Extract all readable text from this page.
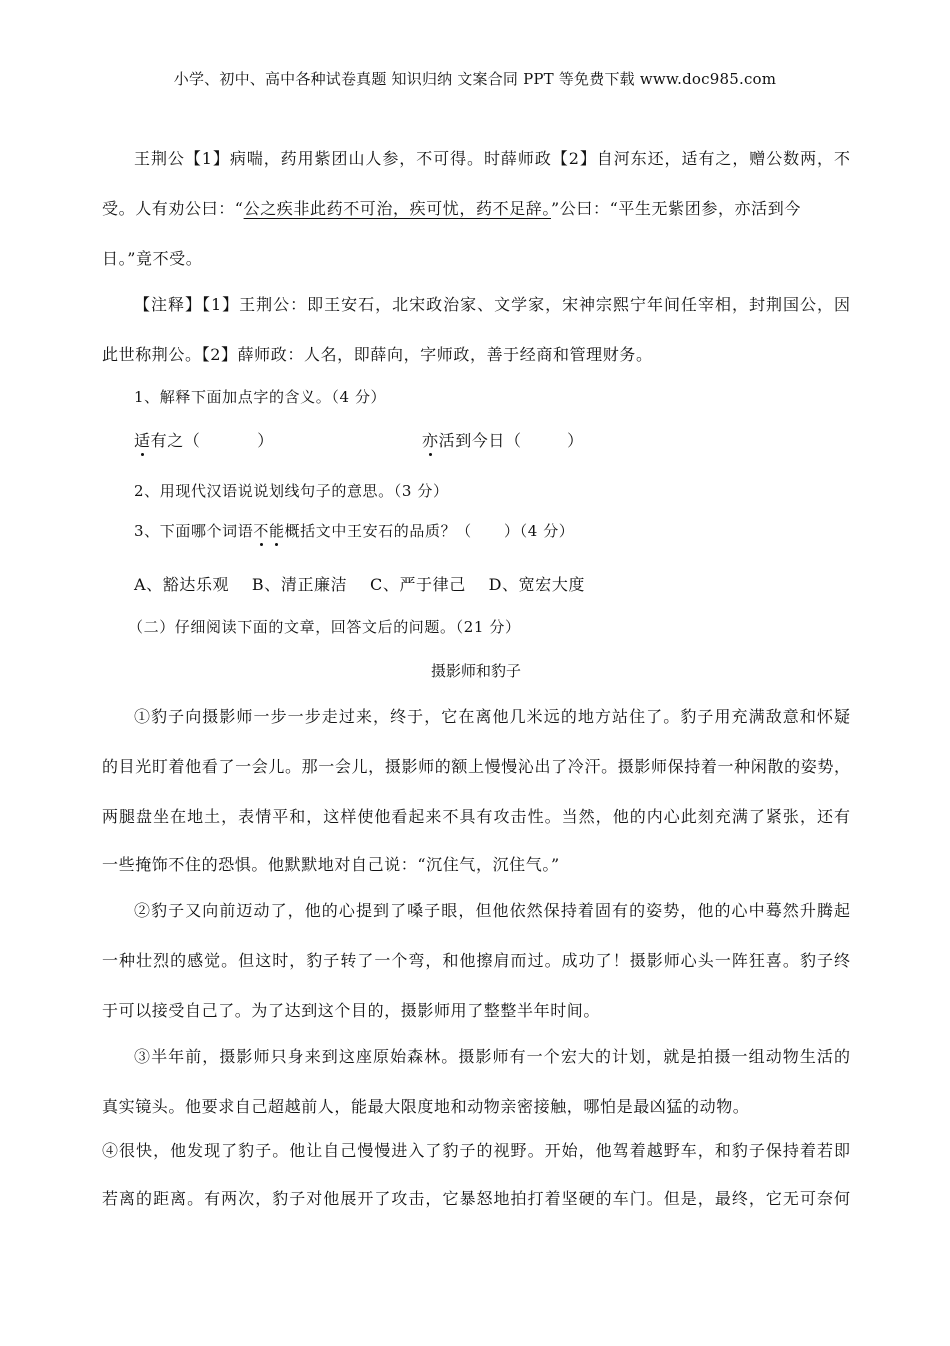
小学、初中、高中各种试卷真题 知识归纳 文案合同 PPT 等免费下载 www.doc985.com
王荆公【1】病喘，药用紫团山人参，不可得。时薛师政【2】自河东还，适有之，赠公数两，不
受。人有劝公曰：“公之疾非此药不可治，疾可忧，药不足辞。”公曰：“平生无紫团参，亦活到今
日。”竟不受。
【注释】【1】王荆公：即王安石，北宋政治家、文学家，宋神宗熙宁年间任宰相，封荆国公，因
此世称荆公。【2】薛师政：人名，即薛向，字师政，善于经商和管理财务。
1、解释下面加点字的含义。（4 分）
适有之（          ）	亦活到今日（        ）
2、用现代汉语说说划线句子的意思。（3 分）
3、下面哪个词语不能概括文中王安石的品质？（      ）（4 分）
A、豁达乐观    B、清正廉洁    C、严于律己    D、宽宏大度
（二）仔细阅读下面的文章，回答文后的问题。（21 分）
摄影师和豹子
①豹子向摄影师一步一步走过来，终于，它在离他几米远的地方站住了。豹子用充满敌意和怀疑
的目光盯着他看了一会儿。那一会儿，摄影师的额上慢慢沁出了冷汗。摄影师保持着一种闲散的姿势，
两腿盘坐在地土，表情平和，这样使他看起来不具有攻击性。当然，他的内心此刻充满了紧张，还有
一些掩饰不住的恐惧。他默默地对自己说：“沉住气，沉住气。”
②豹子又向前迈动了，他的心提到了嗓子眼，但他依然保持着固有的姿势，他的心中蓦然升腾起
一种壮烈的感觉。但这时，豹子转了一个弯，和他擦肩而过。成功了！摄影师心头一阵狂喜。豹子终
于可以接受自己了。为了达到这个目的，摄影师用了整整半年时间。
③半年前，摄影师只身来到这座原始森林。摄影师有一个宏大的计划，就是拍摄一组动物生活的
真实镜头。他要求自己超越前人，能最大限度地和动物亲密接触，哪怕是最凶猛的动物。
④很快，他发现了豹子。他让自己慢慢进入了豹子的视野。开始，他驾着越野车，和豹子保持着若即
若离的距离。有两次，豹子对他展开了攻击，它暴怒地拍打着坚硬的车门。但是，最终，它无可奈何
